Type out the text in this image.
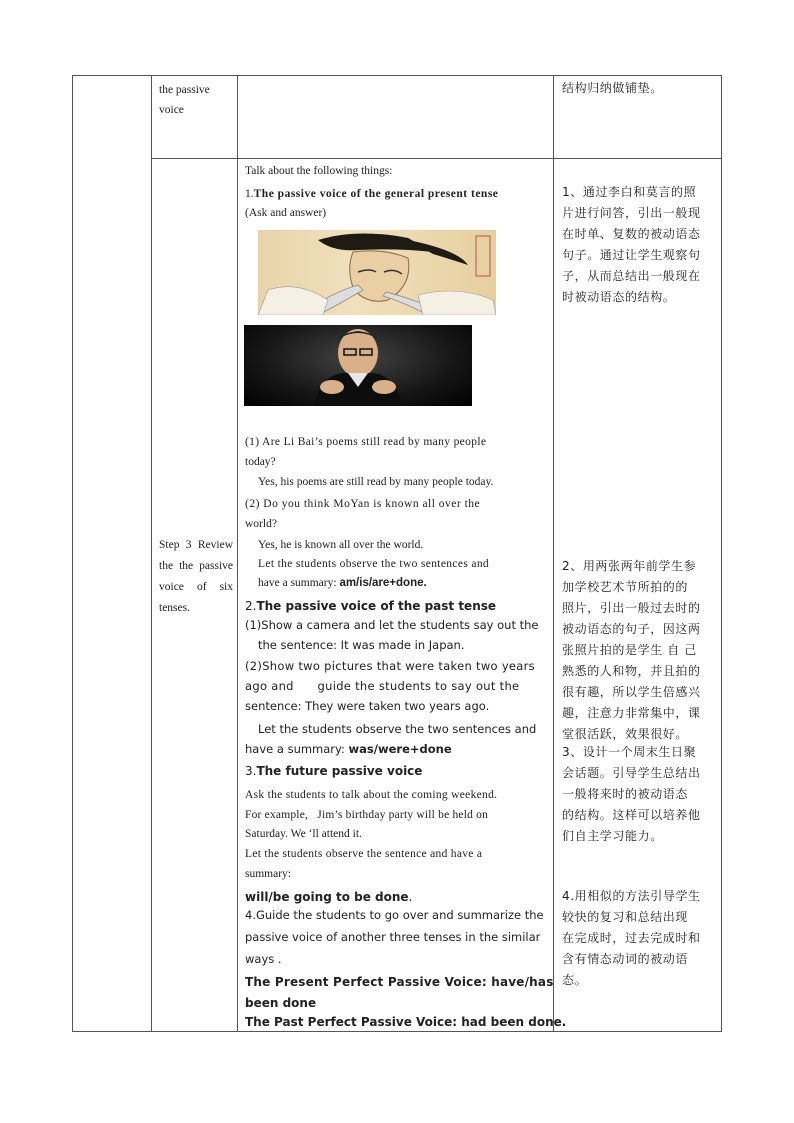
the passive voice
Step 3 Review the the passive voice of six tenses.
结构归纳做铺垫。
Talk about the following things:
1.The passive voice of the general present tense
(Ask and answer)
(1) Are Li Bai’s poems still read by many people
today?
Yes, his poems are still read by many people today.
(2) Do you think MoYan is known all over the
world?
Yes, he is known all over the world.
Let the students observe the two sentences and
have a summary: am/is/are+done.
2.The passive voice of the past tense
(1)Show a camera and let the students say out the
the sentence: It was made in Japan.
(2)Show two pictures that were taken two years
ago and      guide the students to say out the
sentence: They were taken two years ago.
Let the students observe the two sentences and
have a summary: was/were+done
3.The future passive voice
Ask the students to talk about the coming weekend.
For example,   Jim’s birthday party will be held on
Saturday. We ‘ll attend it.
Let the students observe the sentence and have a
summary:
will/be going to be done.
4.Guide the students to go over and summarize the
passive voice of another three tenses in the similar
ways .
The Present Perfect Passive Voice: have/has
been done
The Past Perfect Passive Voice: had been done.
1、通过李白和莫言的照
片进行问答，引出一般现
在时单、复数的被动语态
句子。通过让学生观察句
子，从而总结出一般现在
时被动语态的结构。
2、用两张两年前学生参
加学校艺术节所拍的的
照片，引出一般过去时的
被动语态的句子，因这两
张照片拍的是学生 自 己
熟悉的人和物，并且拍的
很有趣，所以学生倍感兴
趣，注意力非常集中，课
堂很活跃，效果很好。
3、设计一个周末生日聚
会话题。引导学生总结出
一般将来时的被动语态
的结构。这样可以培养他
们自主学习能力。
4.用相似的方法引导学生
较快的复习和总结出现
在完成时，过去完成时和
含有情态动词的被动语
态。
